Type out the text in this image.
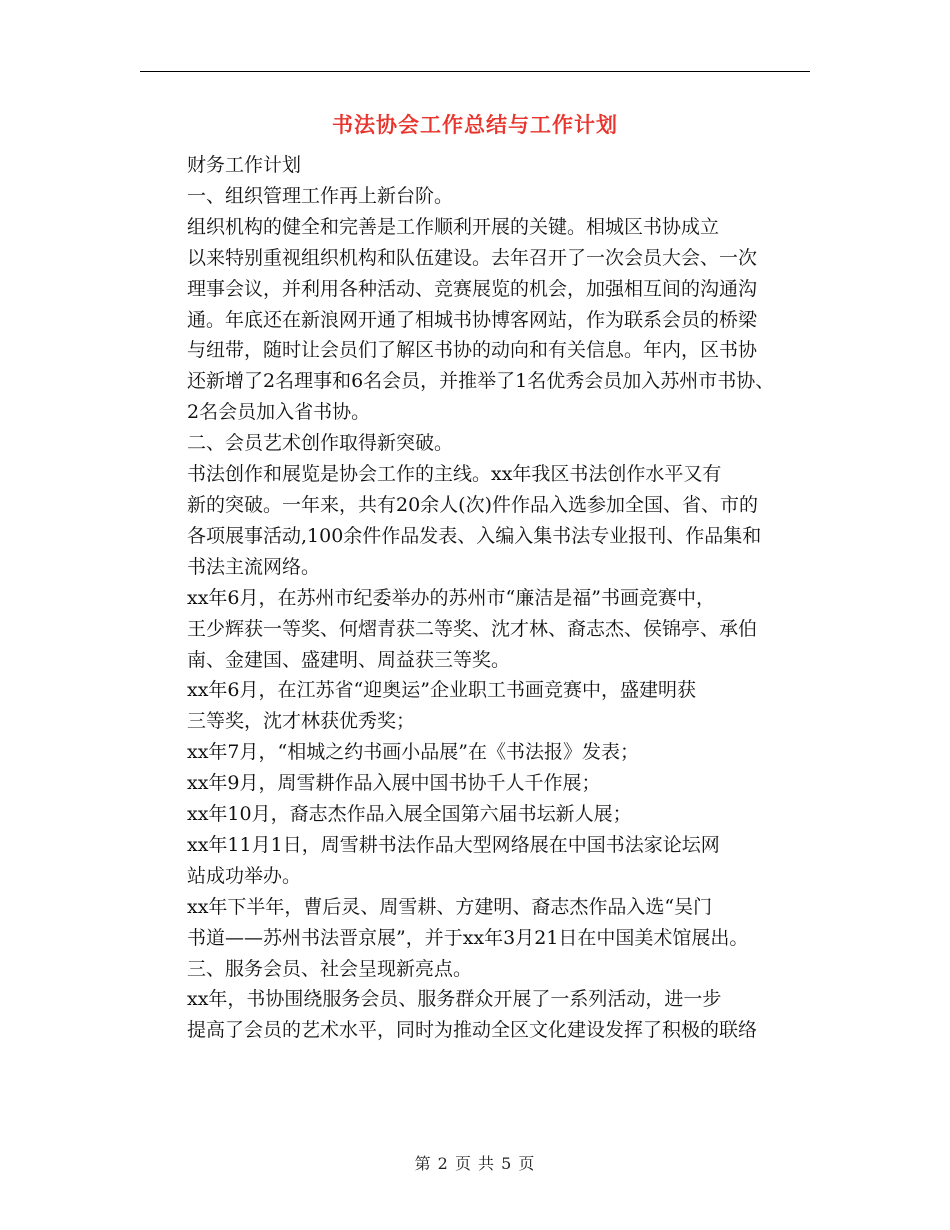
书法协会工作总结与工作计划

财务工作计划

一、组织管理工作再上新台阶。

组织机构的健全和完善是工作顺利开展的关键。相城区书协成立
以来特别重视组织机构和队伍建设。去年召开了一次会员大会、一次
理事会议，并利用各种活动、竞赛展览的机会，加强相互间的沟通沟
通。年底还在新浪网开通了相城书协博客网站，作为联系会员的桥梁
与纽带，随时让会员们了解区书协的动向和有关信息。年内，区书协
还新增了2名理事和6名会员，并推举了1名优秀会员加入苏州市书协、
2名会员加入省书协。

二、会员艺术创作取得新突破。

书法创作和展览是协会工作的主线。xx年我区书法创作水平又有
新的突破。一年来，共有20余人(次)件作品入选参加全国、省、市的
各项展事活动,100余件作品发表、入编入集书法专业报刊、作品集和
书法主流网络。

xx年6月，在苏州市纪委举办的苏州市“廉洁是福”书画竞赛中，
王少辉获一等奖、何熠青获二等奖、沈才林、裔志杰、侯锦亭、承伯
南、金建国、盛建明、周益获三等奖。

xx年6月，在江苏省“迎奥运”企业职工书画竞赛中，盛建明获
三等奖，沈才林获优秀奖；

xx年7月，“相城之约书画小品展”在《书法报》发表；

xx年9月，周雪耕作品入展中国书协千人千作展；

xx年10月，裔志杰作品入展全国第六届书坛新人展；

xx年11月1日，周雪耕书法作品大型网络展在中国书法家论坛网
站成功举办。

xx年下半年，曹后灵、周雪耕、方建明、裔志杰作品入选“吴门
书道——苏州书法晋京展”，并于xx年3月21日在中国美术馆展出。

三、服务会员、社会呈现新亮点。

xx年，书协围绕服务会员、服务群众开展了一系列活动，进一步
提高了会员的艺术水平，同时为推动全区文化建设发挥了积极的联络

第 2 页 共 5 页
